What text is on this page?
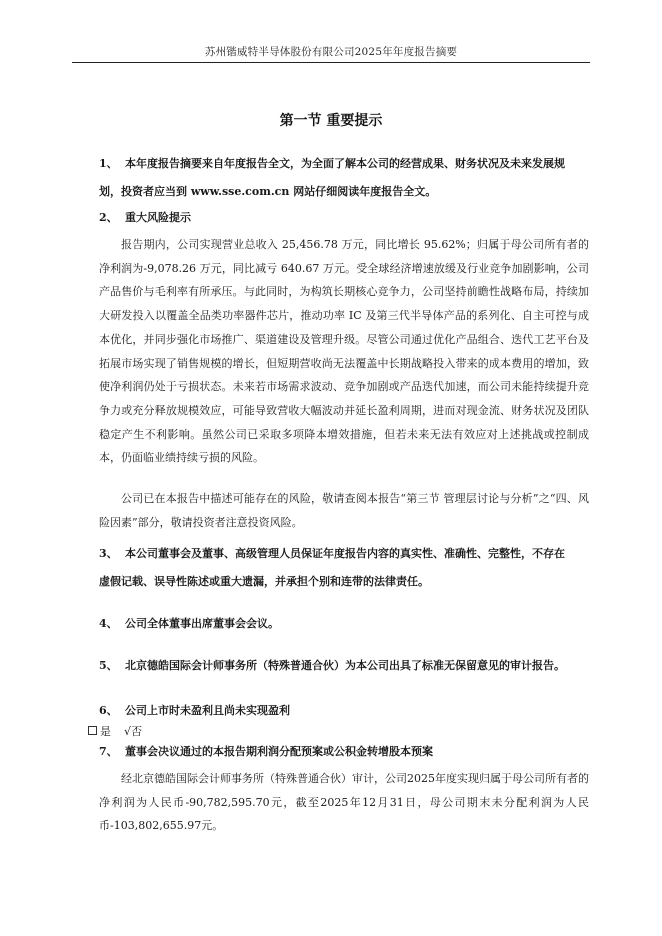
苏州锴威特半导体股份有限公司2025年年度报告摘要
第一节 重要提示
1、 本年度报告摘要来自年度报告全文，为全面了解本公司的经营成果、财务状况及未来发展规
划，投资者应当到 www.sse.com.cn 网站仔细阅读年度报告全文。
2、 重大风险提示
报告期内，公司实现营业总收入 25,456.78 万元，同比增长 95.62%；归属于母公司所有者的净利润为-9,078.26 万元，同比减亏 640.67 万元。受全球经济增速放缓及行业竞争加剧影响，公司产品售价与毛利率有所承压。与此同时，为构筑长期核心竞争力，公司坚持前瞻性战略布局，持续加大研发投入以覆盖全品类功率器件芯片，推动功率 IC 及第三代半导体产品的系列化、自主可控与成本优化，并同步强化市场推广、渠道建设及管理升级。尽管公司通过优化产品组合、迭代工艺平台及拓展市场实现了销售规模的增长，但短期营收尚无法覆盖中长期战略投入带来的成本费用的增加，致使净利润仍处于亏损状态。未来若市场需求波动、竞争加剧或产品迭代加速，而公司未能持续提升竞争力或充分释放规模效应，可能导致营收大幅波动并延长盈利周期，进而对现金流、财务状况及团队稳定产生不利影响。虽然公司已采取多项降本增效措施，但若未来无法有效应对上述挑战或控制成本，仍面临业绩持续亏损的风险。
公司已在本报告中描述可能存在的风险，敬请查阅本报告“第三节 管理层讨论与分析”之“四、风险因素”部分，敬请投资者注意投资风险。
3、 本公司董事会及董事、高级管理人员保证年度报告内容的真实性、准确性、完整性，不存在
虚假记载、误导性陈述或重大遗漏，并承担个别和连带的法律责任。
4、 公司全体董事出席董事会会议。
5、 北京德皓国际会计师事务所（特殊普通合伙）为本公司出具了标准无保留意见的审计报告。
6、 公司上市时未盈利且尚未实现盈利
是 √否
7、 董事会决议通过的本报告期利润分配预案或公积金转增股本预案
经北京德皓国际会计师事务所（特殊普通合伙）审计，公司2025年度实现归属于母公司所有者的净利润为人民币-90,782,595.70元，截至2025年12月31日，母公司期末未分配利润为人民币-103,802,655.97元。
